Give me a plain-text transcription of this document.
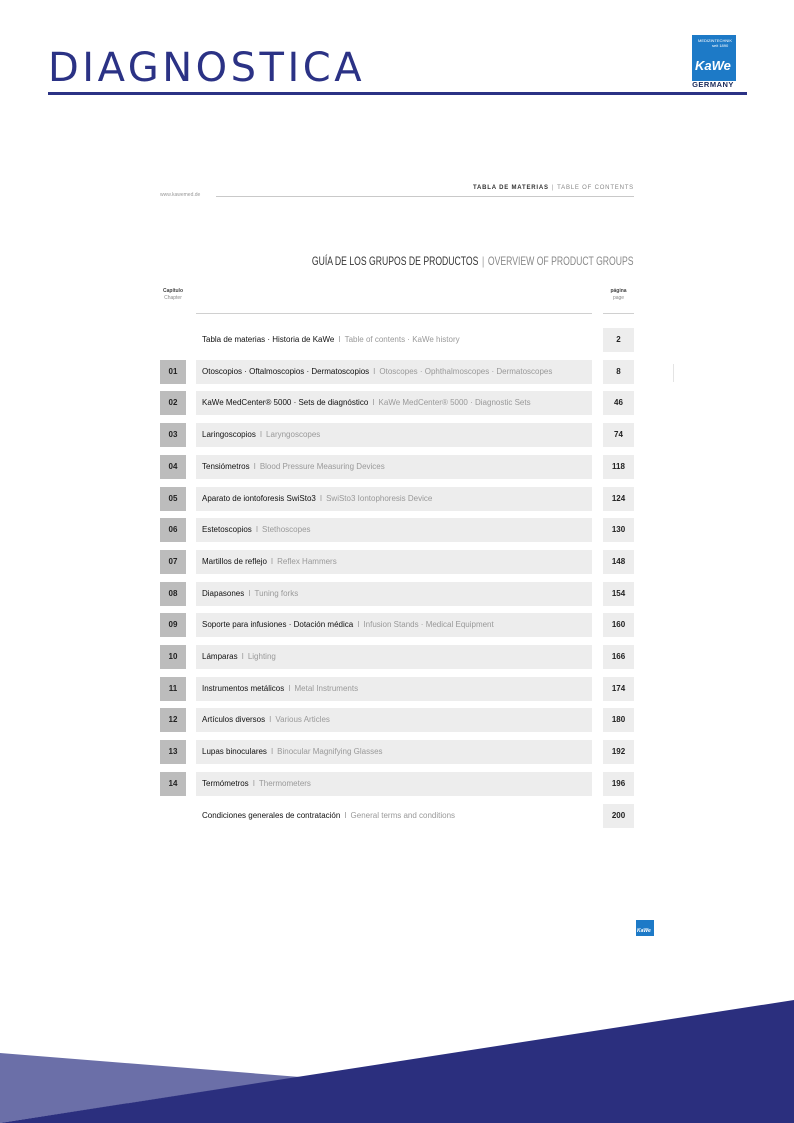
DIAGNOSTICA
MEDIZINTECHNIK
seit 1890
KaWe
GERMANY
www.kawemed.de
TABLA DE MATERIAS | TABLE OF CONTENTS
GUÍA DE LOS GRUPOS DE PRODUCTOS | OVERVIEW OF PRODUCT GROUPS
Capítulo
Chapter
página
page
Tabla de materias · Historia de KaWe I Table of contents · KaWe history	2
01	Otoscopios · Oftalmoscopios · Dermatoscopios I Otoscopes · Ophthalmoscopes · Dermatoscopes	8
02	KaWe MedCenter® 5000 · Sets de diagnóstico I KaWe MedCenter® 5000 · Diagnostic Sets	46
03	Laringoscopios I Laryngoscopes	74
04	Tensiómetros I Blood Pressure Measuring Devices	118
05	Aparato de iontoforesis SwiSto3 I SwiSto3 Iontophoresis Device	124
06	Estetoscopios I Stethoscopes	130
07	Martillos de reflejo I Reflex Hammers	148
08	Diapasones I Tuning forks	154
09	Soporte para infusiones · Dotación médica I Infusion Stands · Medical Equipment	160
10	Lámparas I Lighting	166
11	Instrumentos metálicos I Metal Instruments	174
12	Artículos diversos I Various Articles	180
13	Lupas binoculares I Binocular Magnifying Glasses	192
14	Termómetros I Thermometers	196
Condiciones generales de contratación I General terms and conditions	200
KaWe
